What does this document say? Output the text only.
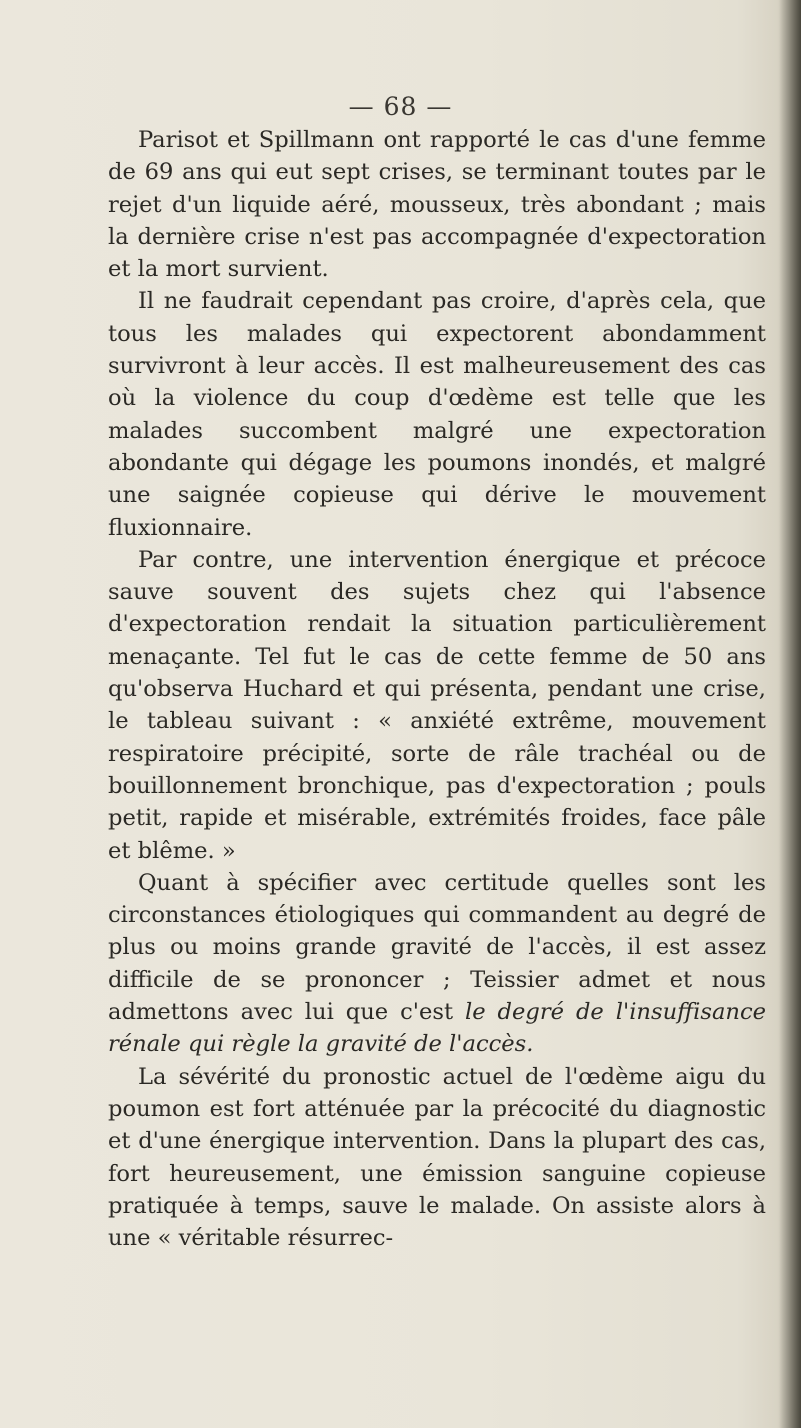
— 68 —

Parisot et Spillmann ont rapporté le cas d'une femme de 69 ans qui eut sept crises, se terminant toutes par le rejet d'un liquide aéré, mousseux, très abondant ; mais la dernière crise n'est pas accompagnée d'expectoration et la mort survient.

Il ne faudrait cependant pas croire, d'après cela, que tous les malades qui expectorent abondamment survivront à leur accès. Il est malheureusement des cas où la violence du coup d'œdème est telle que les malades succombent malgré une expectoration abondante qui dégage les poumons inondés, et malgré une saignée copieuse qui dérive le mouvement fluxionnaire.

Par contre, une intervention énergique et précoce sauve souvent des sujets chez qui l'absence d'expectoration rendait la situation particulièrement menaçante. Tel fut le cas de cette femme de 50 ans qu'observa Huchard et qui présenta, pendant une crise, le tableau suivant : « anxiété extrême, mouvement respiratoire précipité, sorte de râle trachéal ou de bouillonnement bronchique, pas d'expectoration ; pouls petit, rapide et misérable, extrémités froides, face pâle et blême. »

Quant à spécifier avec certitude quelles sont les circonstances étiologiques qui commandent au degré de plus ou moins grande gravité de l'accès, il est assez difficile de se prononcer ; Teissier admet et nous admettons avec lui que c'est le degré de l'insuffisance rénale qui règle la gravité de l'accès.

La sévérité du pronostic actuel de l'œdème aigu du poumon est fort atténuée par la précocité du diagnostic et d'une énergique intervention. Dans la plupart des cas, fort heureusement, une émission sanguine copieuse pratiquée à temps, sauve le malade. On assiste alors à une « véritable résurrec-
